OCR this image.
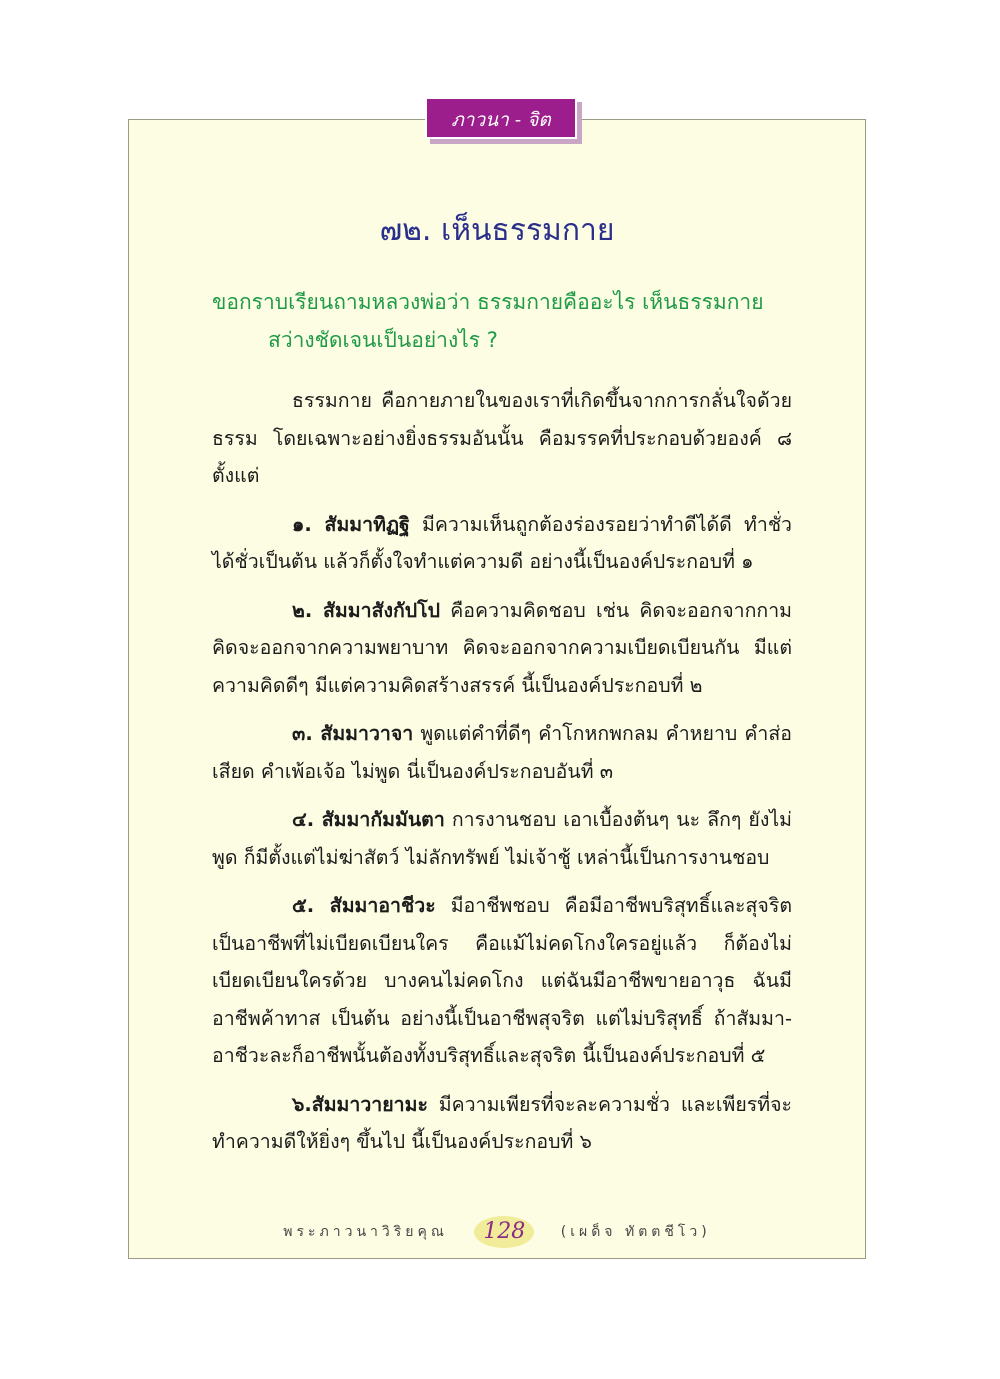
ภาวนา - จิต
๗๒. เห็นธรรมกาย
ขอกราบเรียนถามหลวงพ่อว่า ธรรมกายคืออะไร เห็นธรรมกาย
สว่างชัดเจนเป็นอย่างไร ?

ธรรมกาย คือกายภายในของเราที่เกิดขึ้นจากการกลั่นใจด้วยธรรม โดยเฉพาะอย่างยิ่งธรรมอันนั้น คือมรรคที่ประกอบด้วยองค์ ๘ ตั้งแต่

๑. สัมมาทิฏฐิ มีความเห็นถูกต้องร่องรอยว่าทำดีได้ดี ทำชั่วได้ชั่วเป็นต้น แล้วก็ตั้งใจทำแต่ความดี อย่างนี้เป็นองค์ประกอบที่ ๑

๒. สัมมาสังกัปโป คือความคิดชอบ เช่น คิดจะออกจากกาม คิดจะออกจากความพยาบาท คิดจะออกจากความเบียดเบียนกัน มีแต่ความคิดดีๆ มีแต่ความคิดสร้างสรรค์ นี้เป็นองค์ประกอบที่ ๒

๓. สัมมาวาจา พูดแต่คำที่ดีๆ คำโกหกพกลม คำหยาบ คำส่อเสียด คำเพ้อเจ้อ ไม่พูด นี่เป็นองค์ประกอบอันที่ ๓

๔. สัมมากัมมันตา การงานชอบ เอาเบื้องต้นๆ นะ ลึกๆ ยังไม่พูด ก็มีตั้งแต่ไม่ฆ่าสัตว์ ไม่ลักทรัพย์ ไม่เจ้าชู้ เหล่านี้เป็นการงานชอบ

๕. สัมมาอาชีวะ มีอาชีพชอบ คือมีอาชีพบริสุทธิ์และสุจริต เป็นอาชีพที่ไม่เบียดเบียนใคร คือแม้ไม่คดโกงใครอยู่แล้ว ก็ต้องไม่เบียดเบียนใครด้วย บางคนไม่คดโกง แต่ฉันมีอาชีพขายอาวุธ ฉันมีอาชีพค้าทาส เป็นต้น อย่างนี้เป็นอาชีพสุจริต แต่ไม่บริสุทธิ์ ถ้าสัมมา-อาชีวะละก็อาชีพนั้นต้องทั้งบริสุทธิ์และสุจริต นี้เป็นองค์ประกอบที่ ๕

๖.สัมมาวายามะ มีความเพียรที่จะละความชั่ว และเพียรที่จะทำความดีให้ยิ่งๆ ขึ้นไป นี้เป็นองค์ประกอบที่ ๖

พระภาวนาวิริยคุณ 128	(เผด็จ ทัตตชีโว)
